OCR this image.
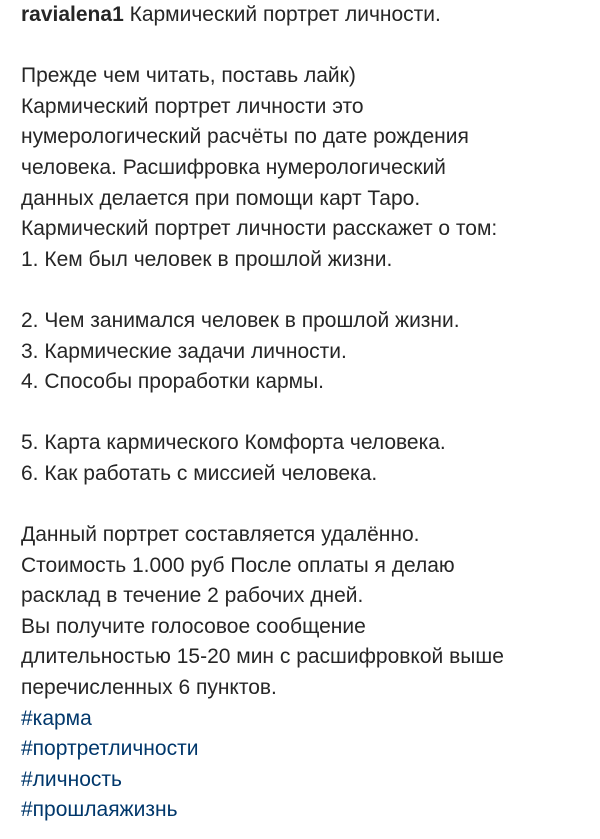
ravialena1 Кармический портрет личности.
Прежде чем читать, поставь лайк)
Кармический портрет личности это
нумерологический расчёты по дате рождения
человека. Расшифровка нумерологический
данных делается при помощи карт Таро.
Кармический портрет личности расскажет о том:
1. Кем был человек в прошлой жизни.
2. Чем занимался человек в прошлой жизни.
3. Кармические задачи личности.
4. Способы проработки кармы.
5. Карта кармического Комфорта человека.
6. Как работать с миссией человека.
Данный портрет составляется удалённо.
Стоимость 1.000 руб После оплаты я делаю
расклад в течение 2 рабочих дней.
Вы получите голосовое сообщение
длительностью 15-20 мин с расшифровкой выше
перечисленных 6 пунктов.
#карма
#портретличности
#личность
#прошлаяжизнь
